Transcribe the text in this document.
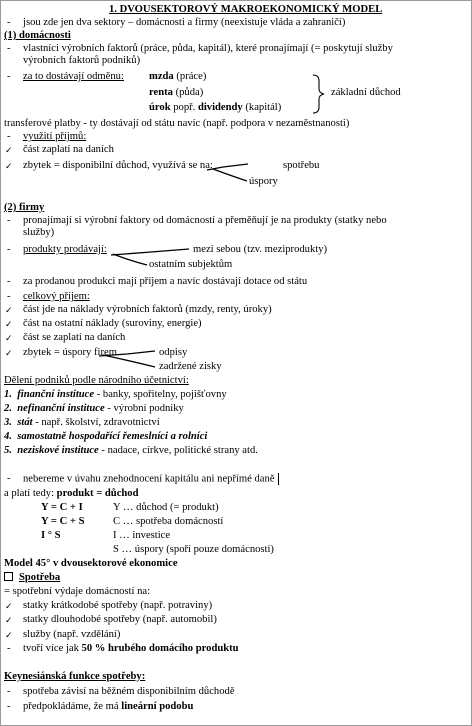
1. DVOUSEKTOROVÝ MAKROEKONOMICKÝ MODEL
- jsou zde jen dva sektory – domácnosti a firmy (neexistuje vláda a zahraničí)
(1) domácnosti
- vlastníci výrobních faktorů (práce, půda, kapitál), které pronajímají (= poskytují služby
výrobních faktorů podniků)
- za to dostávají odměnu: mzda (práce)
renta (půda)
úrok popř. dividendy (kapitál)
základní důchod
transferové platby - ty dostávají od státu navíc (např. podpora v nezaměstnanosti)
- využití příjmů:
✓ část zaplatí na daních
✓ zbytek = disponibilní důchod, využívá se na:	spotřebu
úspory
(2) firmy
- pronajímají si výrobní faktory od domácností a přeměňují je na produkty (statky nebo
služby)
- produkty prodávají:	mezi sebou (tzv. meziprodukty)
ostatním subjektům
- za prodanou produkci mají příjem a navíc dostávají dotace od státu
- celkový příjem:
✓ část jde na náklady výrobních faktorů (mzdy, renty, úroky)
✓ část na ostatní náklady (suroviny, energie)
✓ část se zaplatí na daních
✓ zbytek = úspory firem	odpisy
zadržené zisky
Dělení podniků podle národního účetnictví:
1. finanční instituce - banky, spořitelny, pojišťovny
2. nefinanční instituce - výrobní podniky
3. stát - např. školství, zdravotnictví
4. samostatně hospodařící řemeslníci a rolníci
5. neziskové instituce - nadace, církve, politické strany atd.
- nebereme v úvahu znehodnocení kapitálu ani nepřímé daně
a platí tedy: produkt = důchod
Y = C + I
Y = C + S
I ° S
Y … důchod (= produkt)
C … spotřeba domácností
I … investice
S … úspory (spoří pouze domácnosti)
Model 45° v dvousektorové ekonomice
Spotřeba
= spotřební výdaje domácností na:
✓ statky krátkodobé spotřeby (např. potraviny)
✓ statky dlouhodobé spotřeby (např. automobil)
✓ služby (např. vzdělání)
- tvoří více jak 50 % hrubého domácího produktu
Keynesiánská funkce spotřeby:
- spotřeba závisí na běžném disponibilním důchodě
- předpokládáme, že má lineární podobu
